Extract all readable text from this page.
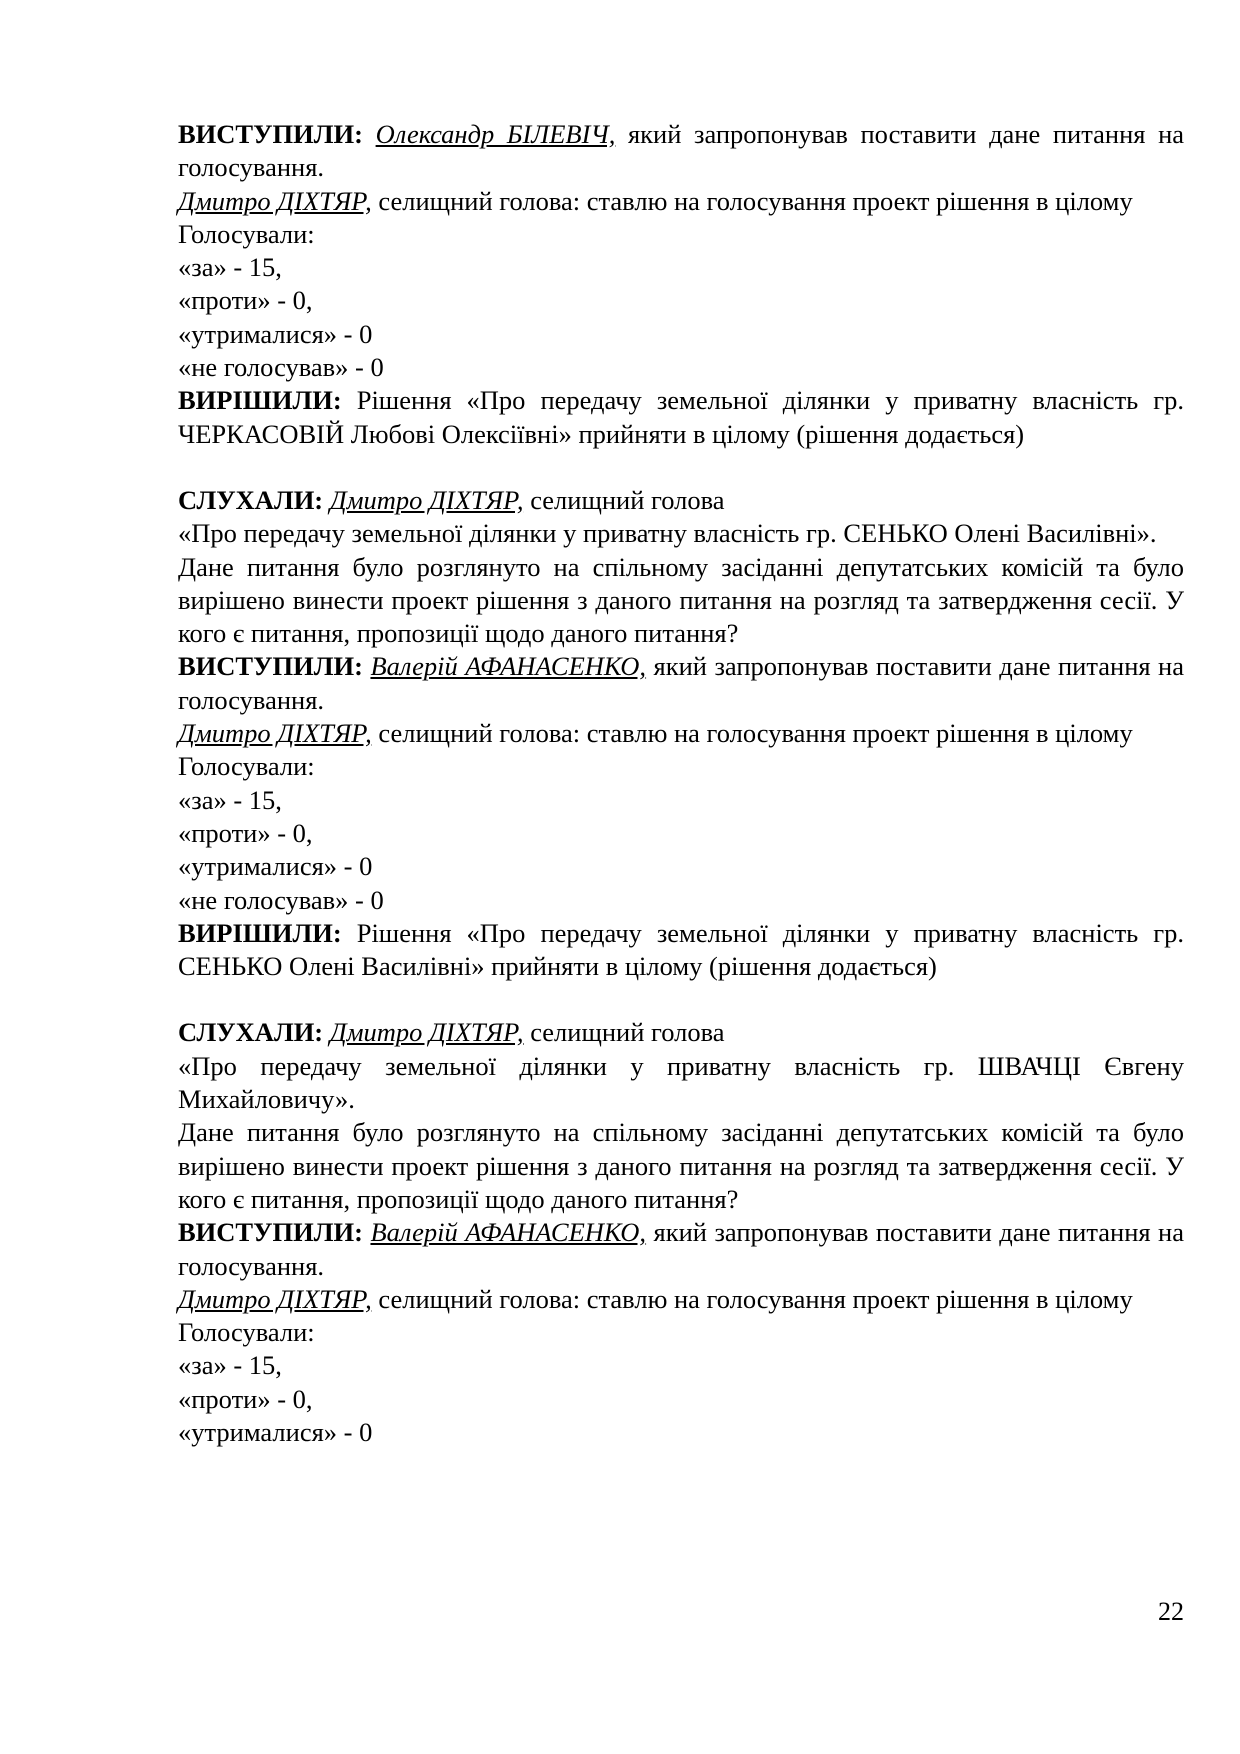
ВИСТУПИЛИ: Олександр БІЛЕВІЧ, який запропонував поставити дане питання на голосування.

Дмитро ДІХТЯР, селищний голова: ставлю на голосування проект рішення в цілому

Голосували:

«за» - 15,

«проти» - 0,

«утрималися» - 0

«не голосував» - 0

ВИРІШИЛИ: Рішення «Про передачу земельної ділянки у приватну власність гр. ЧЕРКАСОВІЙ Любові Олексіївні» прийняти в цілому (рішення додається)

СЛУХАЛИ: Дмитро ДІХТЯР, селищний голова

«Про передачу земельної ділянки у приватну власність гр. СЕНЬКО Олені Василівні».

Дане питання було розглянуто на спільному засіданні депутатських комісій та було вирішено винести проект рішення з даного питання на розгляд та затвердження сесії. У кого є питання, пропозиції щодо даного питання?

ВИСТУПИЛИ: Валерій АФАНАСЕНКО, який запропонував поставити дане питання на голосування.

Дмитро ДІХТЯР, селищний голова: ставлю на голосування проект рішення в цілому

Голосували:

«за» - 15,

«проти» - 0,

«утрималися» - 0

«не голосував» - 0

ВИРІШИЛИ: Рішення «Про передачу земельної ділянки у приватну власність гр. СЕНЬКО Олені Василівні» прийняти в цілому (рішення додається)

СЛУХАЛИ: Дмитро ДІХТЯР, селищний голова

«Про передачу земельної ділянки у приватну власність гр. ШВАЧЦІ Євгену Михайловичу».

Дане питання було розглянуто на спільному засіданні депутатських комісій та було вирішено винести проект рішення з даного питання на розгляд та затвердження сесії. У кого є питання, пропозиції щодо даного питання?

ВИСТУПИЛИ: Валерій АФАНАСЕНКО, який запропонував поставити дане питання на голосування.

Дмитро ДІХТЯР, селищний голова: ставлю на голосування проект рішення в цілому

Голосували:

«за» - 15,

«проти» - 0,

«утрималися» - 0

22
